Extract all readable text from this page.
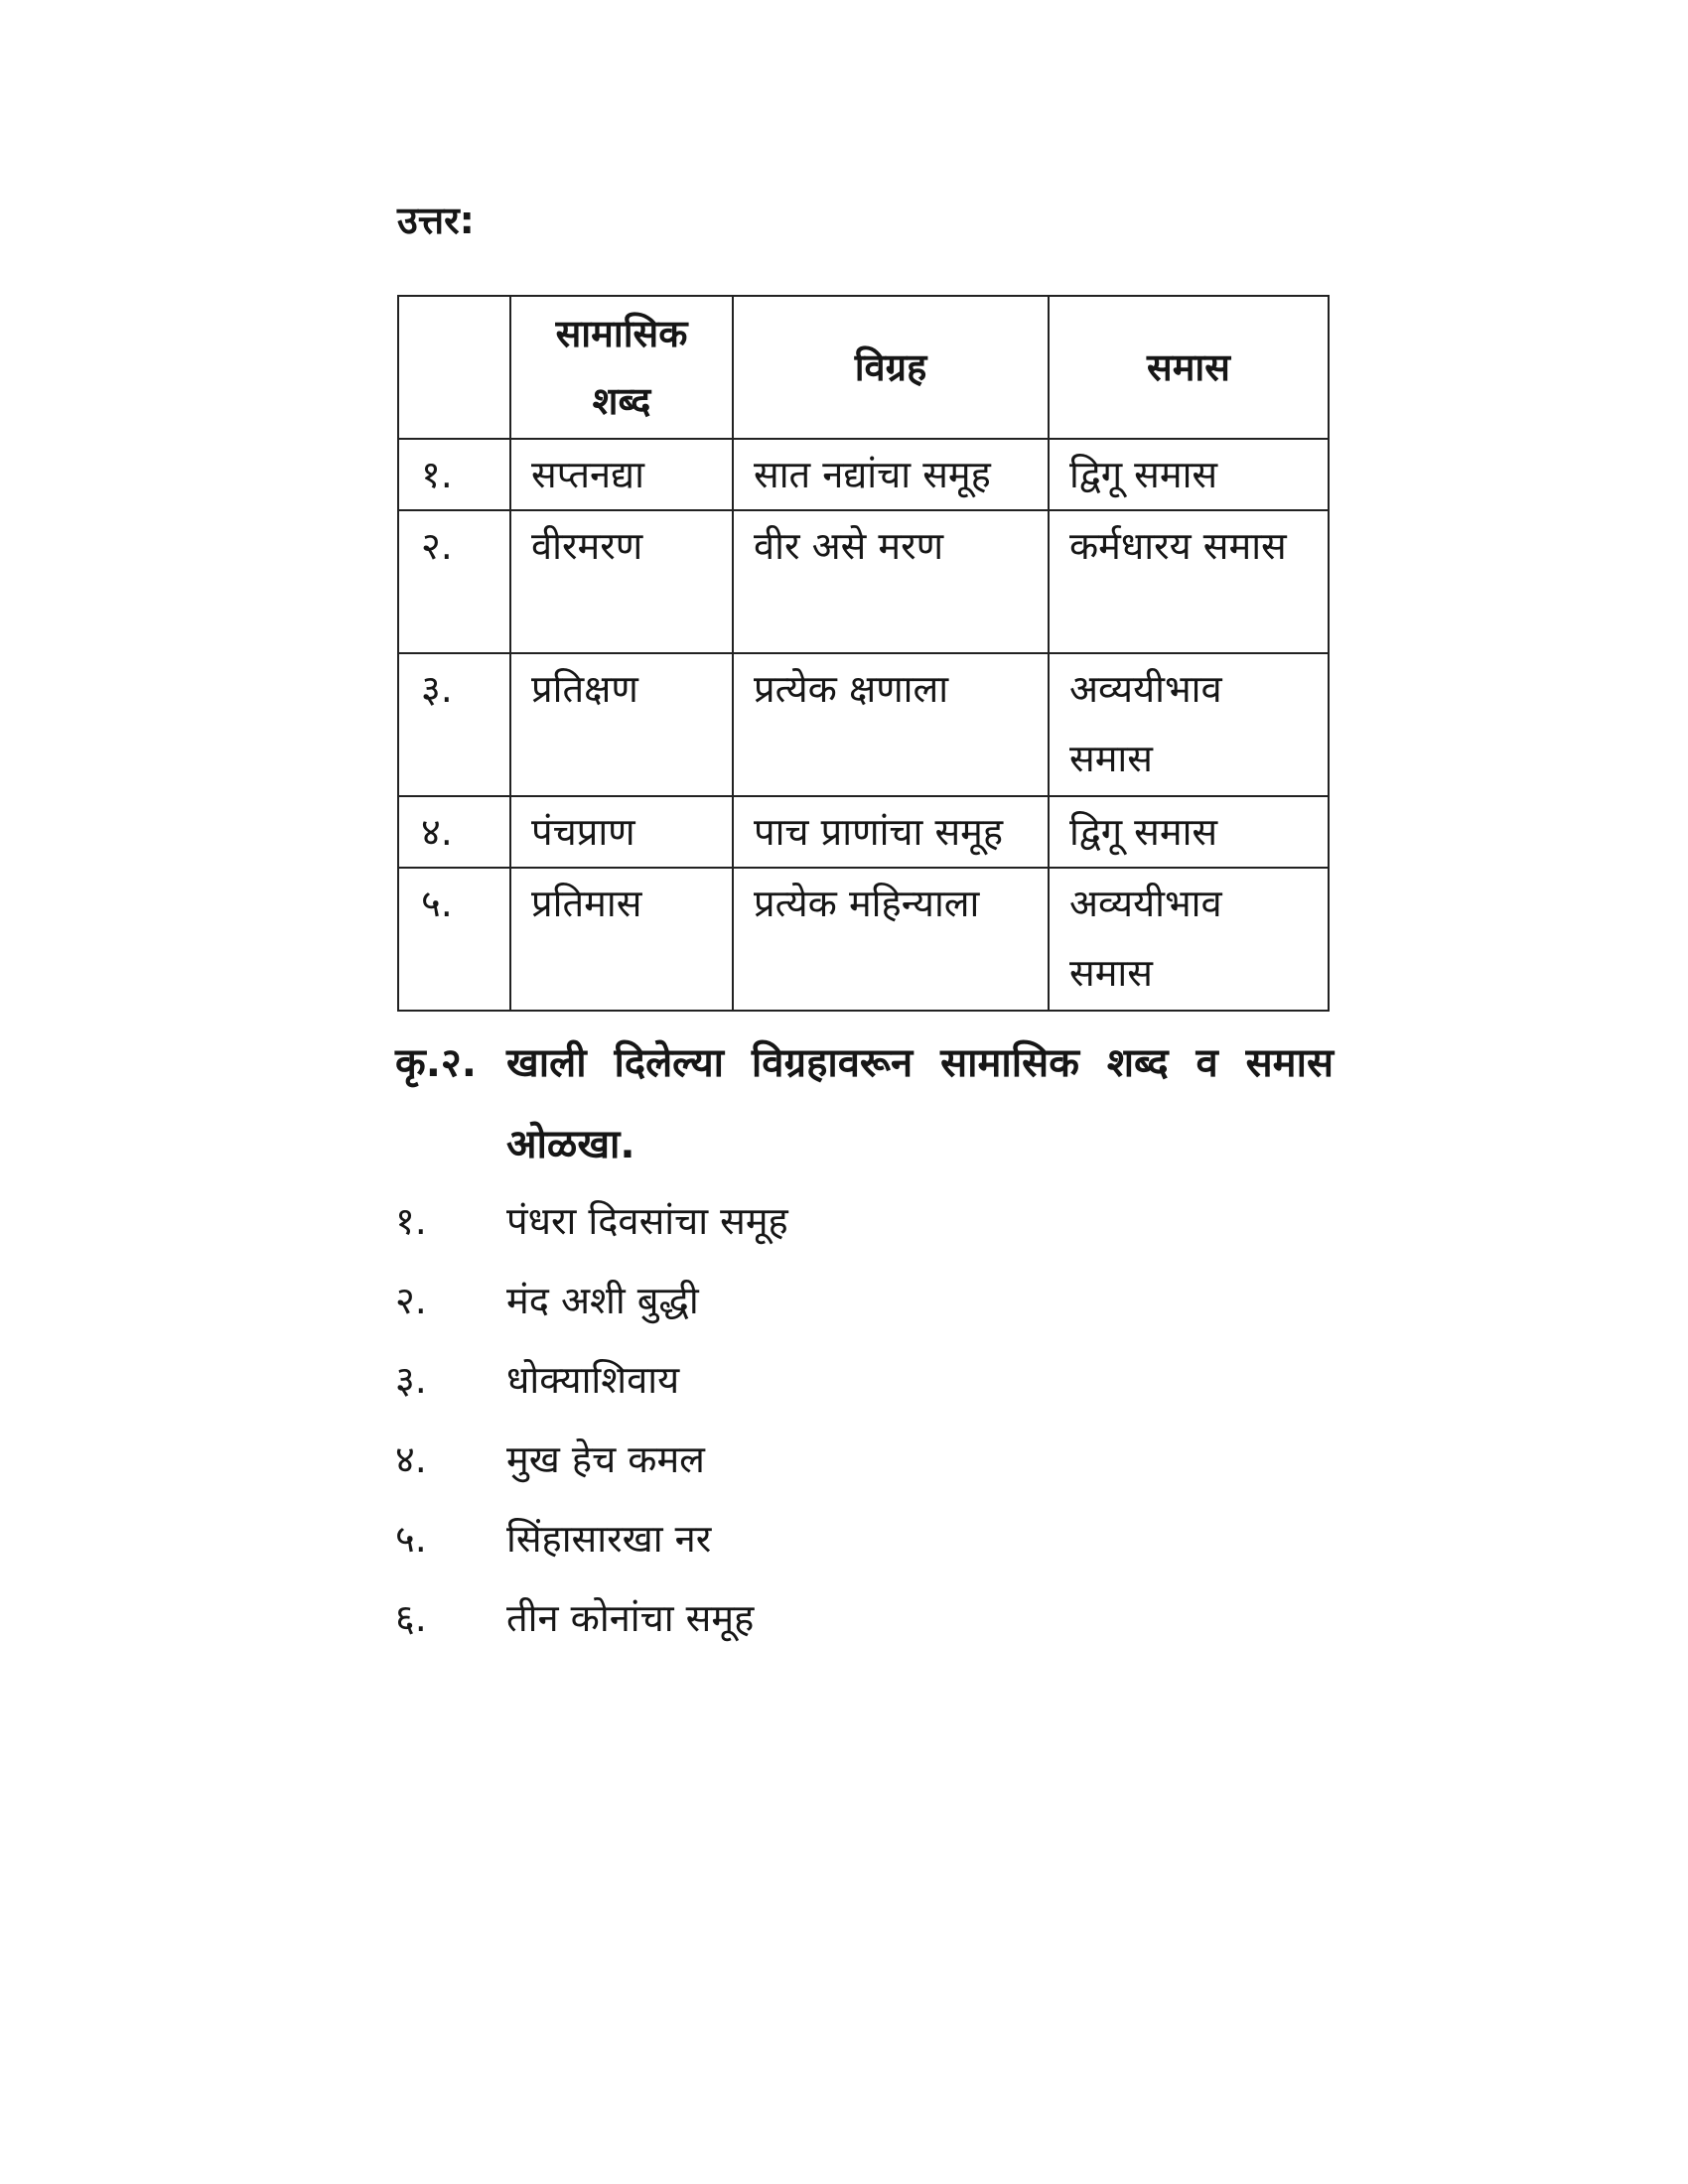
उत्तर:
	सामासिक शब्द	विग्रह	समास
१.	सप्तनद्या	सात नद्यांचा समूह	द्विगू समास
२.	वीरमरण	वीर असे मरण	कर्मधारय समास
३.	प्रतिक्षण	प्रत्येक क्षणाला	अव्ययीभाव समास
४.	पंचप्राण	पाच प्राणांचा समूह	द्विगू समास
५.	प्रतिमास	प्रत्येक महिन्याला	अव्ययीभाव समास
कृ.२. खाली दिलेल्या विग्रहावरून सामासिक शब्द व समास ओळखा.
१. पंधरा दिवसांचा समूह
२. मंद अशी बुद्धी
३. धोक्याशिवाय
४. मुख हेच कमल
५. सिंहासारखा नर
६. तीन कोनांचा समूह
